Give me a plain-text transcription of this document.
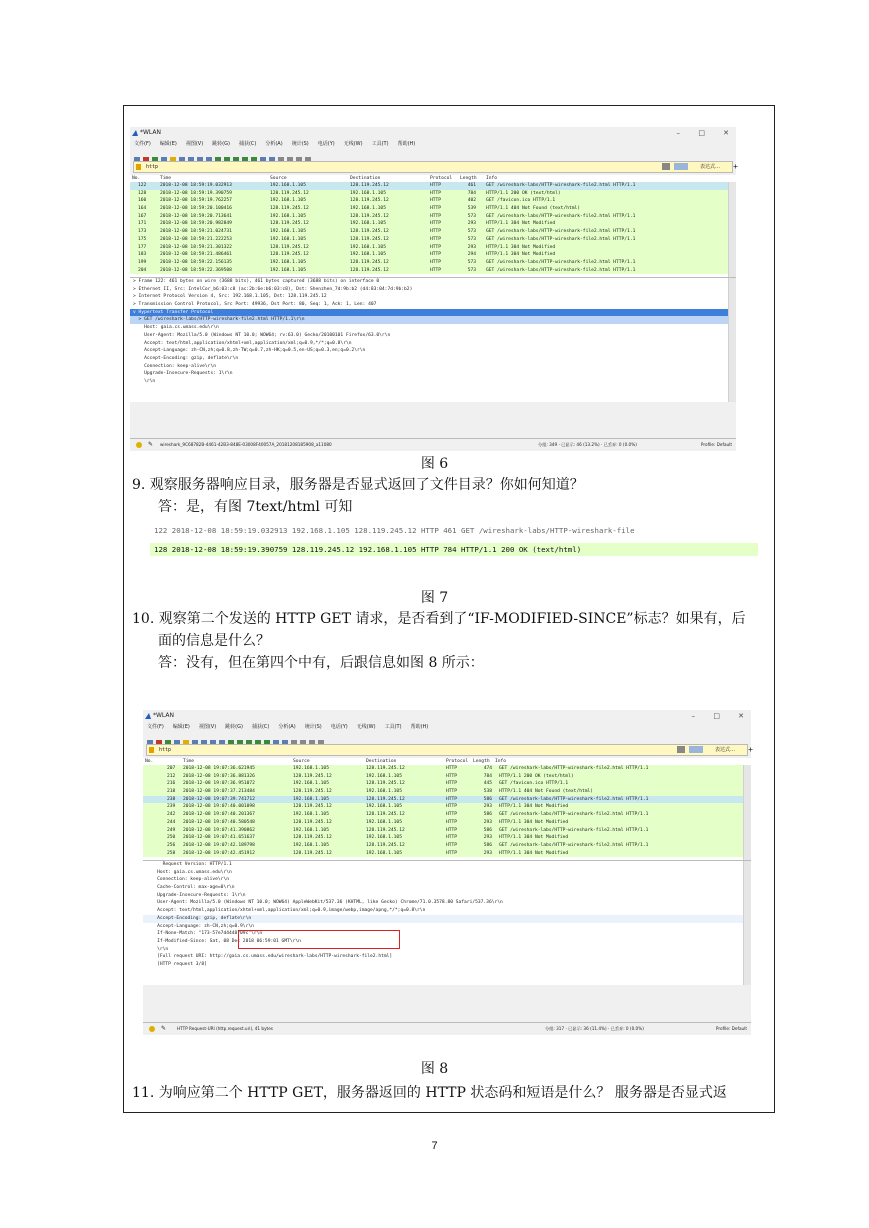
*WLAN	–	□	✕
文件(F) 编辑(E) 视图(V) 跳转(G) 捕获(C) 分析(A) 统计(S) 电话(Y) 无线(W) 工具(T) 帮助(H)
http	表达式… +
No.	Time	Source	Destination	Protocol Length Info
122	2018-12-08 18:59:19.032913	192.168.1.105	128.119.245.12	HTTP	461 GET /wireshark-labs/HTTP-wireshark-file2.html HTTP/1.1
128	2018-12-08 18:59:19.390759	128.119.245.12	192.168.1.105	HTTP	784 HTTP/1.1 200 OK (text/html)
160	2018-12-08 18:59:19.762257	192.168.1.105	128.119.245.12	HTTP	402 GET /favicon.ico HTTP/1.1
164	2018-12-08 18:59:20.100416	128.119.245.12	192.168.1.105	HTTP	539 HTTP/1.1 404 Not Found (text/html)
167	2018-12-08 18:59:20.713641	192.168.1.105	128.119.245.12	HTTP	573 GET /wireshark-labs/HTTP-wireshark-file2.html HTTP/1.1
171	2018-12-08 18:59:20.982849	128.119.245.12	192.168.1.105	HTTP	293 HTTP/1.1 304 Not Modified
173	2018-12-08 18:59:21.024731	192.168.1.105	128.119.245.12	HTTP	573 GET /wireshark-labs/HTTP-wireshark-file2.html HTTP/1.1
175	2018-12-08 18:59:21.222253	192.168.1.105	128.119.245.12	HTTP	573 GET /wireshark-labs/HTTP-wireshark-file2.html HTTP/1.1
177	2018-12-08 18:59:21.301322	128.119.245.12	192.168.1.105	HTTP	293 HTTP/1.1 304 Not Modified
183	2018-12-08 18:59:21.486461	128.119.245.12	192.168.1.105	HTTP	294 HTTP/1.1 304 Not Modified
199	2018-12-08 18:59:22.156135	192.168.1.105	128.119.245.12	HTTP	573 GET /wireshark-labs/HTTP-wireshark-file2.html HTTP/1.1
204	2018-12-08 18:59:22.369508	192.168.1.105	128.119.245.12	HTTP	573 GET /wireshark-labs/HTTP-wireshark-file2.html HTTP/1.1
> Frame 122: 461 bytes on wire (3688 bits), 461 bytes captured (3688 bits) on interface 0
> Ethernet II, Src: IntelCor_b6:03:c8 (ac:2b:6e:b6:03:c8), Dst: Shenzhen_7d:9b:b2 (d4:83:04:7d:9b:b2)
> Internet Protocol Version 4, Src: 192.168.1.105, Dst: 128.119.245.12
> Transmission Control Protocol, Src Port: 49936, Dst Port: 80, Seq: 1, Ack: 1, Len: 407
v Hypertext Transfer Protocol
> GET /wireshark-labs/HTTP-wireshark-file2.html HTTP/1.1\r\n
Host: gaia.cs.umass.edu\r\n
User-Agent: Mozilla/5.0 (Windows NT 10.0; WOW64; rv:63.0) Gecko/20100101 Firefox/63.0\r\n
Accept: text/html,application/xhtml+xml,application/xml;q=0.9,*/*;q=0.8\r\n
Accept-Language: zh-CN,zh;q=0.8,zh-TW;q=0.7,zh-HK;q=0.5,en-US;q=0.3,en;q=0.2\r\n
Accept-Encoding: gzip, deflate\r\n
Connection: keep-alive\r\n
Upgrade-Insecure-Requests: 1\r\n
\r\n
✎ wireshark_9C68782B-4461-42B3-848E-03008F40057A_20181208185908_a11080	分组: 349 · 已显示: 46 (13.2%) · 已丢弃: 0 (0.0%)	Profile: Default
图 6
9. 观察服务器响应目录，服务器是否显式返回了文件目录？你如何知道？
答：是，有图 7text/html 可知
122 2018-12-08 18:59:19.032913 192.168.1.105 128.119.245.12 HTTP 461 GET /wireshark-labs/HTTP-wireshark-file
128 2018-12-08 18:59:19.390759 128.119.245.12 192.168.1.105 HTTP 784 HTTP/1.1 200 OK (text/html)
图 7
10. 观察第二个发送的 HTTP GET 请求，是否看到了“IF-MODIFIED-SINCE”标志？如果有，后
面的信息是什么？
答：没有，但在第四个中有，后跟信息如图 8 所示：
*WLAN	–	□	✕
文件(F) 编辑(E) 视图(V) 跳转(G) 捕获(C) 分析(A) 统计(S) 电话(Y) 无线(W) 工具(T) 帮助(H)
http	表达式… +
No.	Time	Source	Destination	Protocol Length Info
207 2018-12-08 19:07:36.621945	192.168.1.105	128.119.245.12	HTTP	474 GET /wireshark-labs/HTTP-wireshark-file2.html HTTP/1.1
212 2018-12-08 19:07:36.881326	128.119.245.12	192.168.1.105	HTTP	784 HTTP/1.1 200 OK (text/html)
216 2018-12-08 19:07:36.951072	192.168.1.105	128.119.245.12	HTTP	445 GET /favicon.ico HTTP/1.1
218 2018-12-08 19:07:37.213484	128.119.245.12	192.168.1.105	HTTP	538 HTTP/1.1 404 Not Found (text/html)
238 2018-12-08 19:07:39.741712	192.168.1.105	128.119.245.12	HTTP	586 GET /wireshark-labs/HTTP-wireshark-file2.html HTTP/1.1
239 2018-12-08 19:07:40.001098	128.119.245.12	192.168.1.105	HTTP	293 HTTP/1.1 304 Not Modified
242 2018-12-08 19:07:40.201367	192.168.1.105	128.119.245.12	HTTP	586 GET /wireshark-labs/HTTP-wireshark-file2.html HTTP/1.1
244 2018-12-08 19:07:40.580548	128.119.245.12	192.168.1.105	HTTP	293 HTTP/1.1 304 Not Modified
249 2018-12-08 19:07:41.390862	192.168.1.105	128.119.245.12	HTTP	586 GET /wireshark-labs/HTTP-wireshark-file2.html HTTP/1.1
250 2018-12-08 19:07:41.651637	128.119.245.12	192.168.1.105	HTTP	293 HTTP/1.1 304 Not Modified
256 2018-12-08 19:07:42.189798	192.168.1.105	128.119.245.12	HTTP	586 GET /wireshark-labs/HTTP-wireshark-file2.html HTTP/1.1
258 2018-12-08 19:07:42.451912	128.119.245.12	192.168.1.105	HTTP	293 HTTP/1.1 304 Not Modified
Request Version: HTTP/1.1
Host: gaia.cs.umass.edu\r\n
Connection: keep-alive\r\n
Cache-Control: max-age=0\r\n
Upgrade-Insecure-Requests: 1\r\n
User-Agent: Mozilla/5.0 (Windows NT 10.0; WOW64) AppleWebKit/537.36 (KHTML, like Gecko) Chrome/71.0.3578.80 Safari/537.36\r\n
Accept: text/html,application/xhtml+xml,application/xml;q=0.9,image/webp,image/apng,*/*;q=0.8\r\n
Accept-Encoding: gzip, deflate\r\n
Accept-Language: zh-CN,zh;q=0.9\r\n
If-None-Match: "173-57e7d4448709c"\r\n
If-Modified-Since: Sat, 08 Dec 2018 06:59:01 GMT\r\n
\r\n
[Full request URI: http://gaia.cs.umass.edu/wireshark-labs/HTTP-wireshark-file2.html]
[HTTP request 3/8]
✎	HTTP Request-URI (http.request.uri), 41 bytes	分组: 317 · 已显示: 36 (11.4%) · 已丢弃: 0 (0.0%)	Profile: Default
图 8
11. 为响应第二个 HTTP GET，服务器返回的 HTTP 状态码和短语是什么？ 服务器是否显式返
7
